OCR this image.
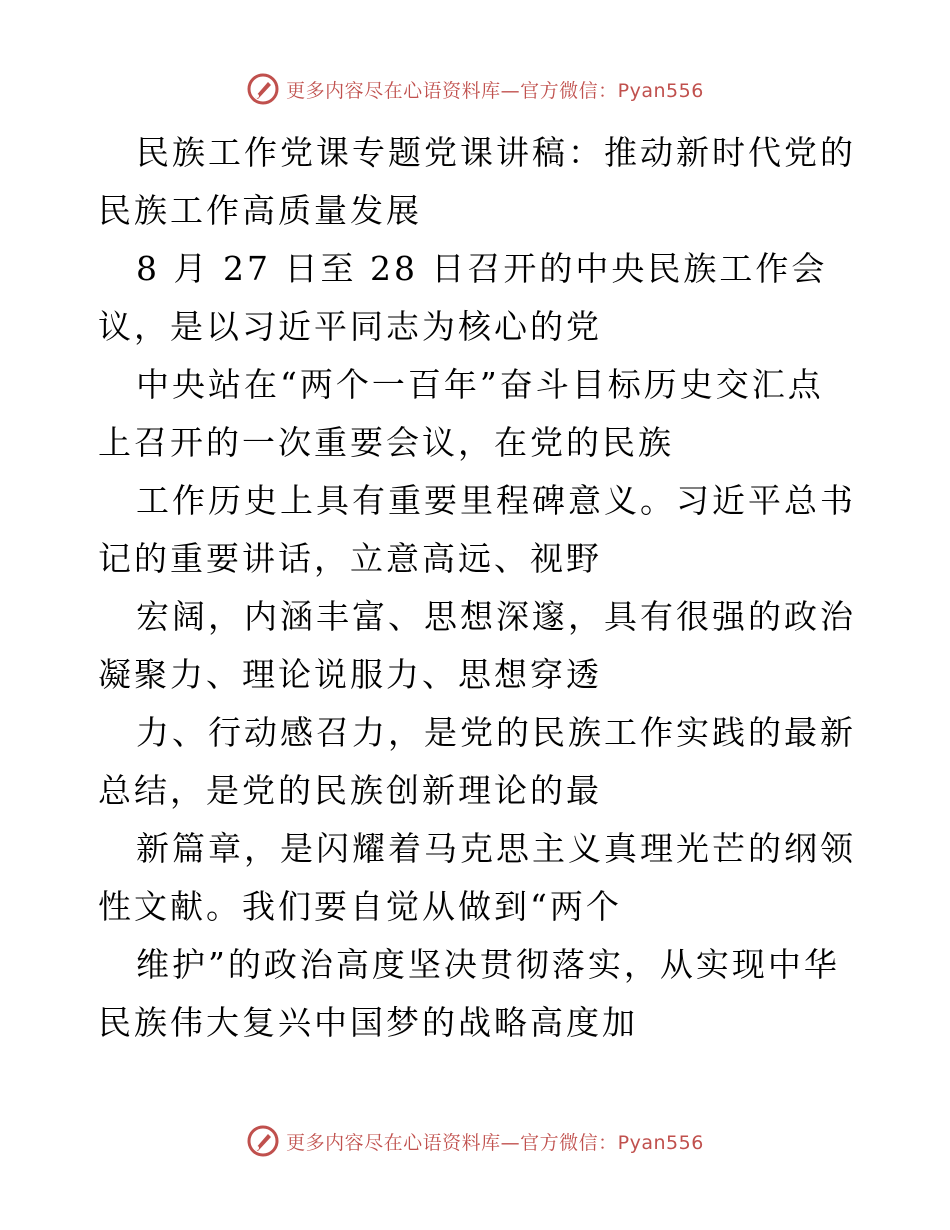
更多内容尽在心语资料库—官方微信：Pyan556

民族工作党课专题党课讲稿：推动新时代党的民族工作高质量发展

8 月 27 日至 28 日召开的中央民族工作会议，是以习近平同志为核心的党

中央站在“两个一百年”奋斗目标历史交汇点上召开的一次重要会议，在党的民族

工作历史上具有重要里程碑意义。习近平总书记的重要讲话，立意高远、视野

宏阔，内涵丰富、思想深邃，具有很强的政治凝聚力、理论说服力、思想穿透

力、行动感召力，是党的民族工作实践的最新总结，是党的民族创新理论的最

新篇章，是闪耀着马克思主义真理光芒的纲领性文献。我们要自觉从做到“两个

维护”的政治高度坚决贯彻落实，从实现中华民族伟大复兴中国梦的战略高度加

更多内容尽在心语资料库—官方微信：Pyan556
